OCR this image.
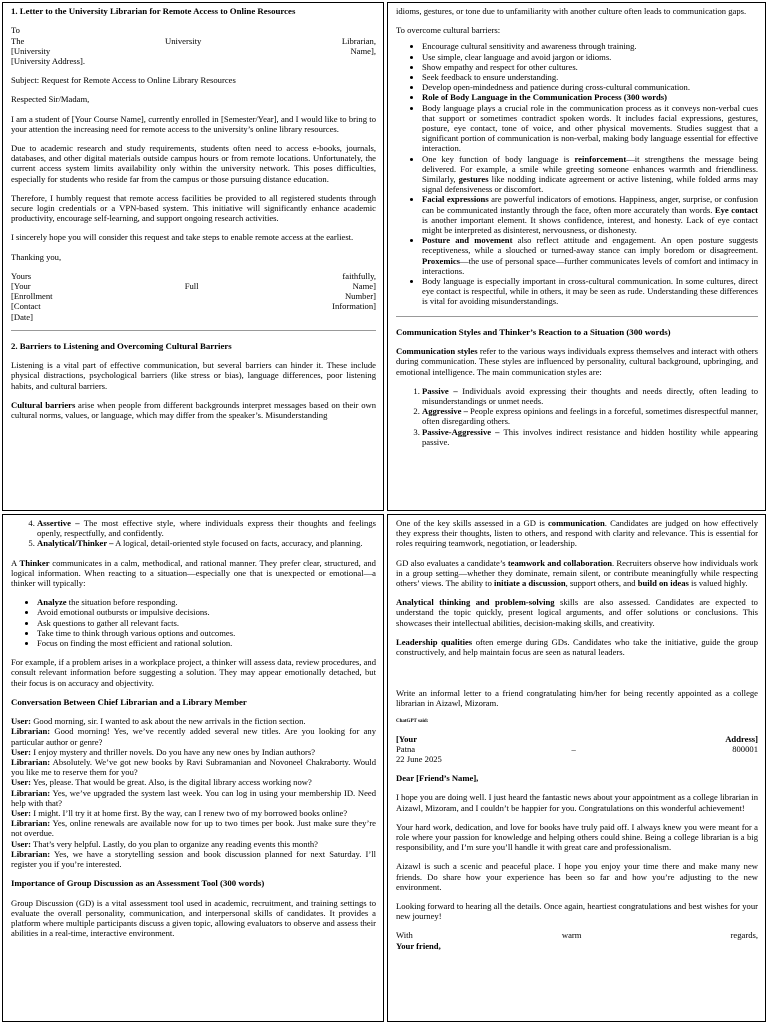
1. Letter to the University Librarian for Remote Access to Online Resources

To

The	University	Librarian,
[University	Name],

[University Address].

Subject: Request for Remote Access to Online Library Resources

Respected Sir/Madam,

I am a student of [Your Course Name], currently enrolled in [Semester/Year], and I would like to bring to your attention the increasing need for remote access to the university’s online library resources.

Due to academic research and study requirements, students often need to access e-books, journals, databases, and other digital materials outside campus hours or from remote locations. Unfortunately, the current access system limits availability only within the university network. This poses difficulties, especially for students who reside far from the campus or those pursuing distance education.

Therefore, I humbly request that remote access facilities be provided to all registered students through secure login credentials or a VPN-based system. This initiative will significantly enhance academic productivity, encourage self-learning, and support ongoing research activities.

I sincerely hope you will consider this request and take steps to enable remote access at the earliest.

Thanking you,

Yours	faithfully,
[Your	Full	Name]
[Enrollment	Number]
[Contact	Information]

[Date]

2. Barriers to Listening and Overcoming Cultural Barriers

Listening is a vital part of effective communication, but several barriers can hinder it. These include physical distractions, psychological barriers (like stress or bias), language differences, poor listening habits, and cultural barriers.

Cultural barriers arise when people from different backgrounds interpret messages based on their own cultural norms, values, or language, which may differ from the speaker’s. Misunderstanding

idioms, gestures, or tone due to unfamiliarity with another culture often leads to communication gaps.

To overcome cultural barriers:

• Encourage cultural sensitivity and awareness through training.
• Use simple, clear language and avoid jargon or idioms.
• Show empathy and respect for other cultures.
• Seek feedback to ensure understanding.
• Develop open-mindedness and patience during cross-cultural communication.
• Role of Body Language in the Communication Process (300 words)
• Body language plays a crucial role in the communication process as it conveys non-verbal cues that support or sometimes contradict spoken words. It includes facial expressions, gestures, posture, eye contact, tone of voice, and other physical movements. Studies suggest that a significant portion of communication is non-verbal, making body language essential for effective interaction.
• One key function of body language is reinforcement—it strengthens the message being delivered. For example, a smile while greeting someone enhances warmth and friendliness. Similarly, gestures like nodding indicate agreement or active listening, while folded arms may signal defensiveness or discomfort.
• Facial expressions are powerful indicators of emotions. Happiness, anger, surprise, or confusion can be communicated instantly through the face, often more accurately than words. Eye contact is another important element. It shows confidence, interest, and honesty. Lack of eye contact might be interpreted as disinterest, nervousness, or dishonesty.
• Posture and movement also reflect attitude and engagement. An open posture suggests receptiveness, while a slouched or turned-away stance can imply boredom or disagreement. Proxemics—the use of personal space—further communicates levels of comfort and intimacy in interactions.
• Body language is especially important in cross-cultural communication. In some cultures, direct eye contact is respectful, while in others, it may be seen as rude. Understanding these differences is vital for avoiding misunderstandings.
Communication Styles and Thinker’s Reaction to a Situation (300 words)

Communication styles refer to the various ways individuals express themselves and interact with others during communication. These styles are influenced by personality, cultural background, upbringing, and emotional intelligence. The main communication styles are:

1. Passive – Individuals avoid expressing their thoughts and needs directly, often leading to misunderstandings or unmet needs.
2. Aggressive – People express opinions and feelings in a forceful, sometimes disrespectful manner, often disregarding others.
3. Passive-Aggressive – This involves indirect resistance and hidden hostility while appearing passive.
4. Assertive – The most effective style, where individuals express their thoughts and feelings openly, respectfully, and confidently.
5. Analytical/Thinker – A logical, detail-oriented style focused on facts, accuracy, and planning.

A Thinker communicates in a calm, methodical, and rational manner. They prefer clear, structured, and logical information. When reacting to a situation—especially one that is unexpected or emotional—a thinker will typically:

• Analyze the situation before responding.
• Avoid emotional outbursts or impulsive decisions.
• Ask questions to gather all relevant facts.
• Take time to think through various options and outcomes.
• Focus on finding the most efficient and rational solution.

For example, if a problem arises in a workplace project, a thinker will assess data, review procedures, and consult relevant information before suggesting a solution. They may appear emotionally detached, but their focus is on accuracy and objectivity.

Conversation Between Chief Librarian and a Library Member
User: Good morning, sir. I wanted to ask about the new arrivals in the fiction section.
Librarian: Good morning! Yes, we’ve recently added several new titles. Are you looking for any particular author or genre?
User: I enjoy mystery and thriller novels. Do you have any new ones by Indian authors?
Librarian: Absolutely. We’ve got new books by Ravi Subramanian and Novoneel Chakraborty. Would you like me to reserve them for you?
User: Yes, please. That would be great. Also, is the digital library access working now?
Librarian: Yes, we’ve upgraded the system last week. You can log in using your membership ID. Need help with that?
User: I might. I’ll try it at home first. By the way, can I renew two of my borrowed books online?
Librarian: Yes, online renewals are available now for up to two times per book. Just make sure they’re not overdue.
User: That’s very helpful. Lastly, do you plan to organize any reading events this month?
Librarian: Yes, we have a storytelling session and book discussion planned for next Saturday. I’ll register you if you’re interested.
Importance of Group Discussion as an Assessment Tool (300 words)

Group Discussion (GD) is a vital assessment tool used in academic, recruitment, and training settings to evaluate the overall personality, communication, and interpersonal skills of candidates. It provides a platform where multiple participants discuss a given topic, allowing evaluators to observe and assess their abilities in a real-time, interactive environment.

One of the key skills assessed in a GD is communication. Candidates are judged on how effectively they express their thoughts, listen to others, and respond with clarity and relevance. This is essential for roles requiring teamwork, negotiation, or leadership.

GD also evaluates a candidate’s teamwork and collaboration. Recruiters observe how individuals work in a group setting—whether they dominate, remain silent, or contribute meaningfully while respecting others’ views. The ability to initiate a discussion, support others, and build on ideas is valued highly.

Analytical thinking and problem-solving skills are also assessed. Candidates are expected to understand the topic quickly, present logical arguments, and offer solutions or conclusions. This showcases their intellectual abilities, decision-making skills, and creativity.

Leadership qualities often emerge during GDs. Candidates who take the initiative, guide the group constructively, and help maintain focus are seen as natural leaders.

Write an informal letter to a friend congratulating him/her for being recently appointed as a college librarian in Aizawl, Mizoram.

ChatGPT said:

[Your	Address]
Patna	–	800001

22 June 2025

Dear [Friend’s Name],

I hope you are doing well. I just heard the fantastic news about your appointment as a college librarian in Aizawl, Mizoram, and I couldn’t be happier for you. Congratulations on this wonderful achievement!

Your hard work, dedication, and love for books have truly paid off. I always knew you were meant for a role where your passion for knowledge and helping others could shine. Being a college librarian is a big responsibility, and I’m sure you’ll handle it with great care and professionalism.

Aizawl is such a scenic and peaceful place. I hope you enjoy your time there and make many new friends. Do share how your experience has been so far and how you’re adjusting to the new environment.

Looking forward to hearing all the details. Once again, heartiest congratulations and best wishes for your new journey!

With	warm	regards,

Your friend,
